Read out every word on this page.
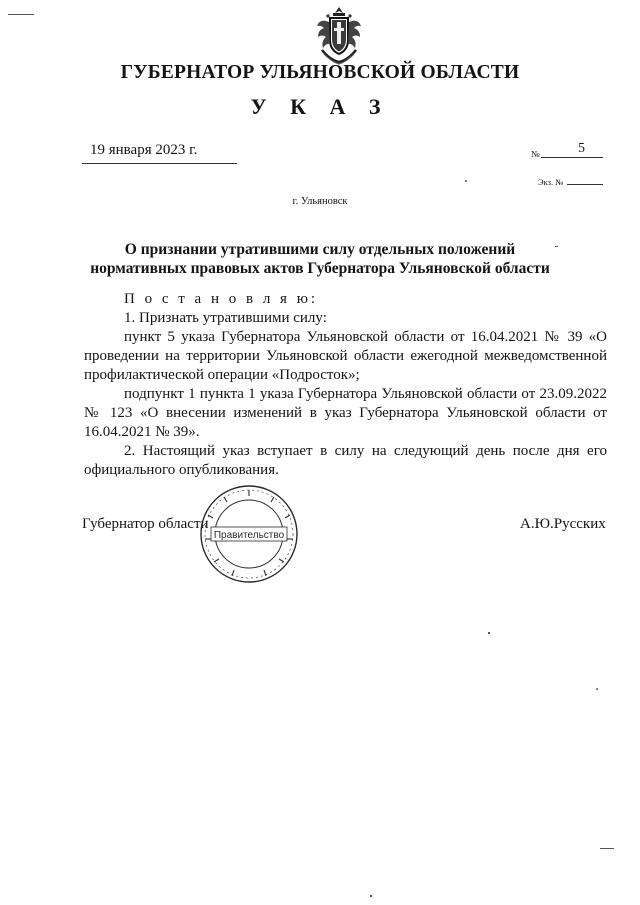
ГУБЕРНАТОР УЛЬЯНОВСКОЙ ОБЛАСТИ
У К А З
19 января 2023 г.	№	5
Экз. №
г. Ульяновск
О признании утратившими силу отдельных положений
нормативных правовых актов Губернатора Ульяновской области

П о с т а н о в л я ю:

1. Признать утратившими силу:

пункт 5 указа Губернатора Ульяновской области от 16.04.2021 № 39 «О проведении на территории Ульяновской области ежегодной межведомственной профилактической операции «Подросток»;

подпункт 1 пункта 1 указа Губернатора Ульяновской области от 23.09.2022 № 123 «О внесении изменений в указ Губернатора Ульяновской области от 16.04.2021 № 39».

2. Настоящий указ вступает в силу на следующий день после дня его официального опубликования.

Губернатор области	А.Ю.Русских
Правительство
